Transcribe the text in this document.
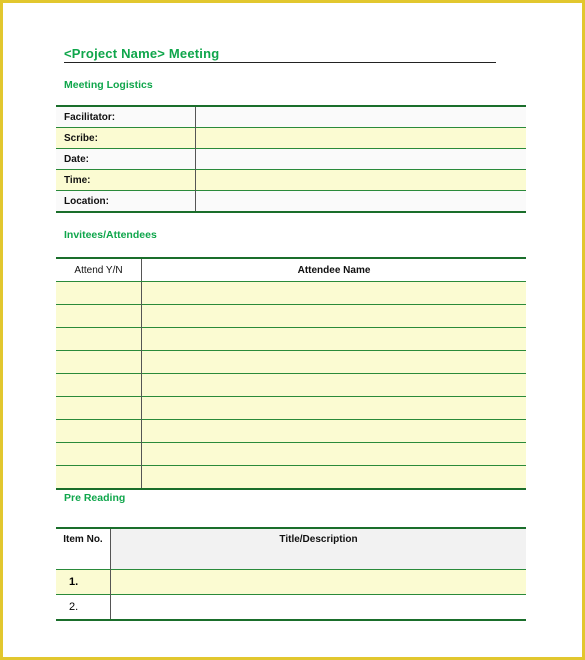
<Project Name> Meeting
Meeting Logistics
Facilitator:	
Scribe:	
Date:	
Time:	
Location:	
Invitees/Attendees
Attend Y/N	Attendee Name

Pre Reading
Item No.	Title/Description
1.	
2.	
